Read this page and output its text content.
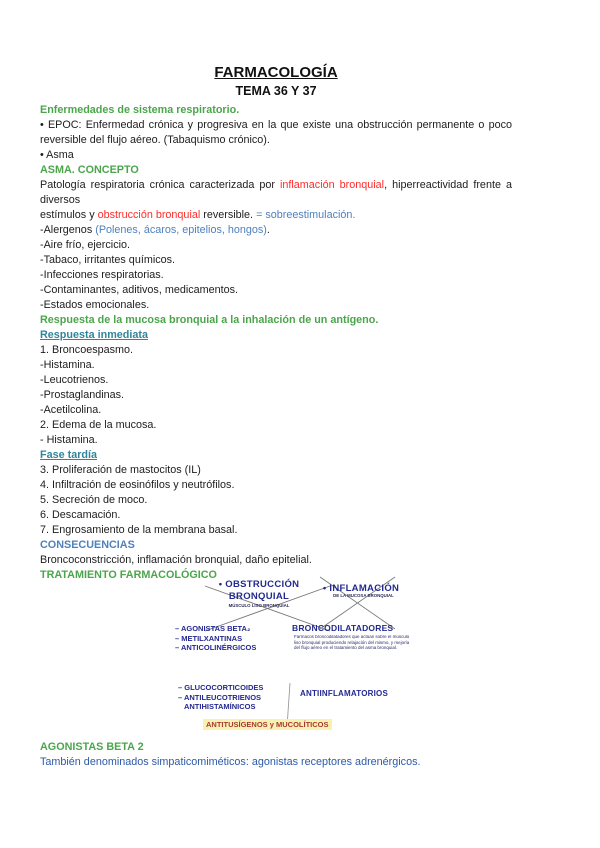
FARMACOLOGÍA
TEMA 36 Y 37
Enfermedades de sistema respiratorio.
• EPOC: Enfermedad crónica y progresiva en la que existe una obstrucción permanente o poco
reversible del flujo aéreo. (Tabaquismo crónico).
• Asma
ASMA. CONCEPTO
Patología respiratoria crónica caracterizada por inflamación bronquial, hiperreactividad frente a diversos
estímulos y obstrucción bronquial reversible. = sobreestimulación.
-Alergenos (Polenes, ácaros, epitelios, hongos).
-Aire frío, ejercicio.
-Tabaco, irritantes químicos.
-Infecciones respiratorias.
-Contaminantes, aditivos, medicamentos.
-Estados emocionales.
Respuesta de la mucosa bronquial a la inhalación de un antígeno.
Respuesta inmediata
1. Broncoespasmo.
-Histamina.
-Leucotrienos.
-Prostaglandinas.
-Acetilcolina.
2. Edema de la mucosa.
- Histamina.
Fase tardía
3. Proliferación de mastocitos (IL)
4. Infiltración de eosinófilos y neutrófilos.
5. Secreción de moco.
6. Descamación.
7. Engrosamiento de la membrana basal.
CONSECUENCIAS
Broncoconstricción, inflamación bronquial, daño epitelial.
TRATAMIENTO FARMACOLÓGICO
• OBSTRUCCIÓN
BRONQUIAL
MÚSCULO LISO BRONQUIAL
• INFLAMACIÓN
DE LA MUCOSA BRONQUIAL
– AGONISTAS BETA₂
– METILXANTINAS
– ANTICOLINÉRGICOS
BRONCODILATADORES
Fármacos broncodilatadores que actúan sobre el músculo liso bronquial produciendo relajación del mismo, y mejoría del flujo aéreo en el tratamiento del asma bronquial.
– GLUCOCORTICOIDES
– ANTILEUCOTRIENOS
ANTIHISTAMÍNICOS
ANTIINFLAMATORIOS
ANTITUSÍGENOS y MUCOLÍTICOS
AGONISTAS BETA 2
También denominados simpaticomiméticos: agonistas receptores adrenérgicos.
